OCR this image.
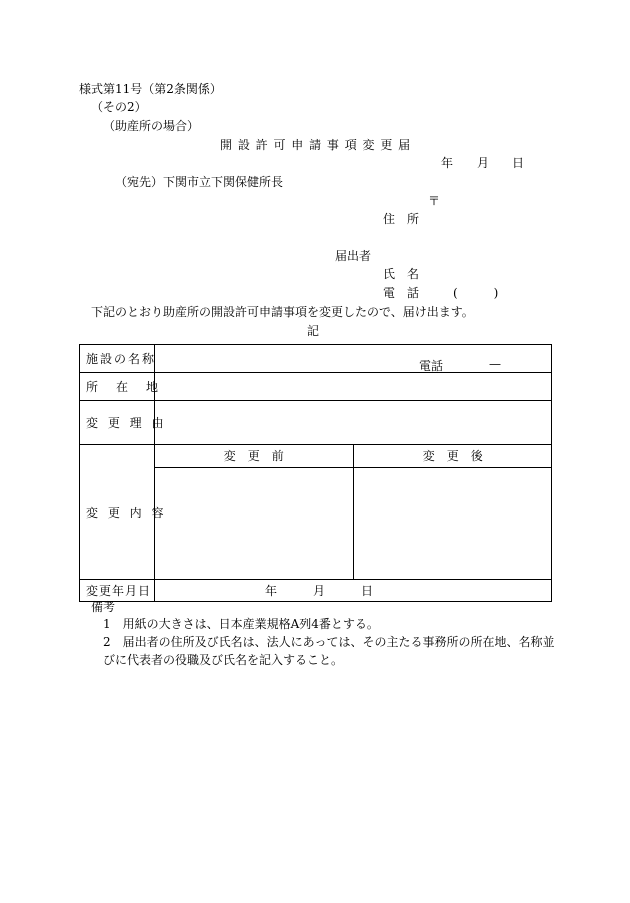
様式第11号（第2条関係）
（その2）
（助産所の場合）
開 設 許 可 申 請 事 項 変 更 届
年 月 日
（宛先）下関市立下関保健所長
〒
住　所
届出者
氏　名
電　話	(　　　)
下記のとおり助産所の開設許可申請事項を変更したので、届け出ます。
記
施設の名称	電話	—

所　在　地	
変 更 理 由	
変 更 内 容	
変　更　前	変　更　後

変更年月日	年　　　月　　　日
備考
1　用紙の大きさは、日本産業規格A列4番とする。
2　届出者の住所及び氏名は、法人にあっては、その主たる事務所の所在地、名称並
びに代表者の役職及び氏名を記入すること。
